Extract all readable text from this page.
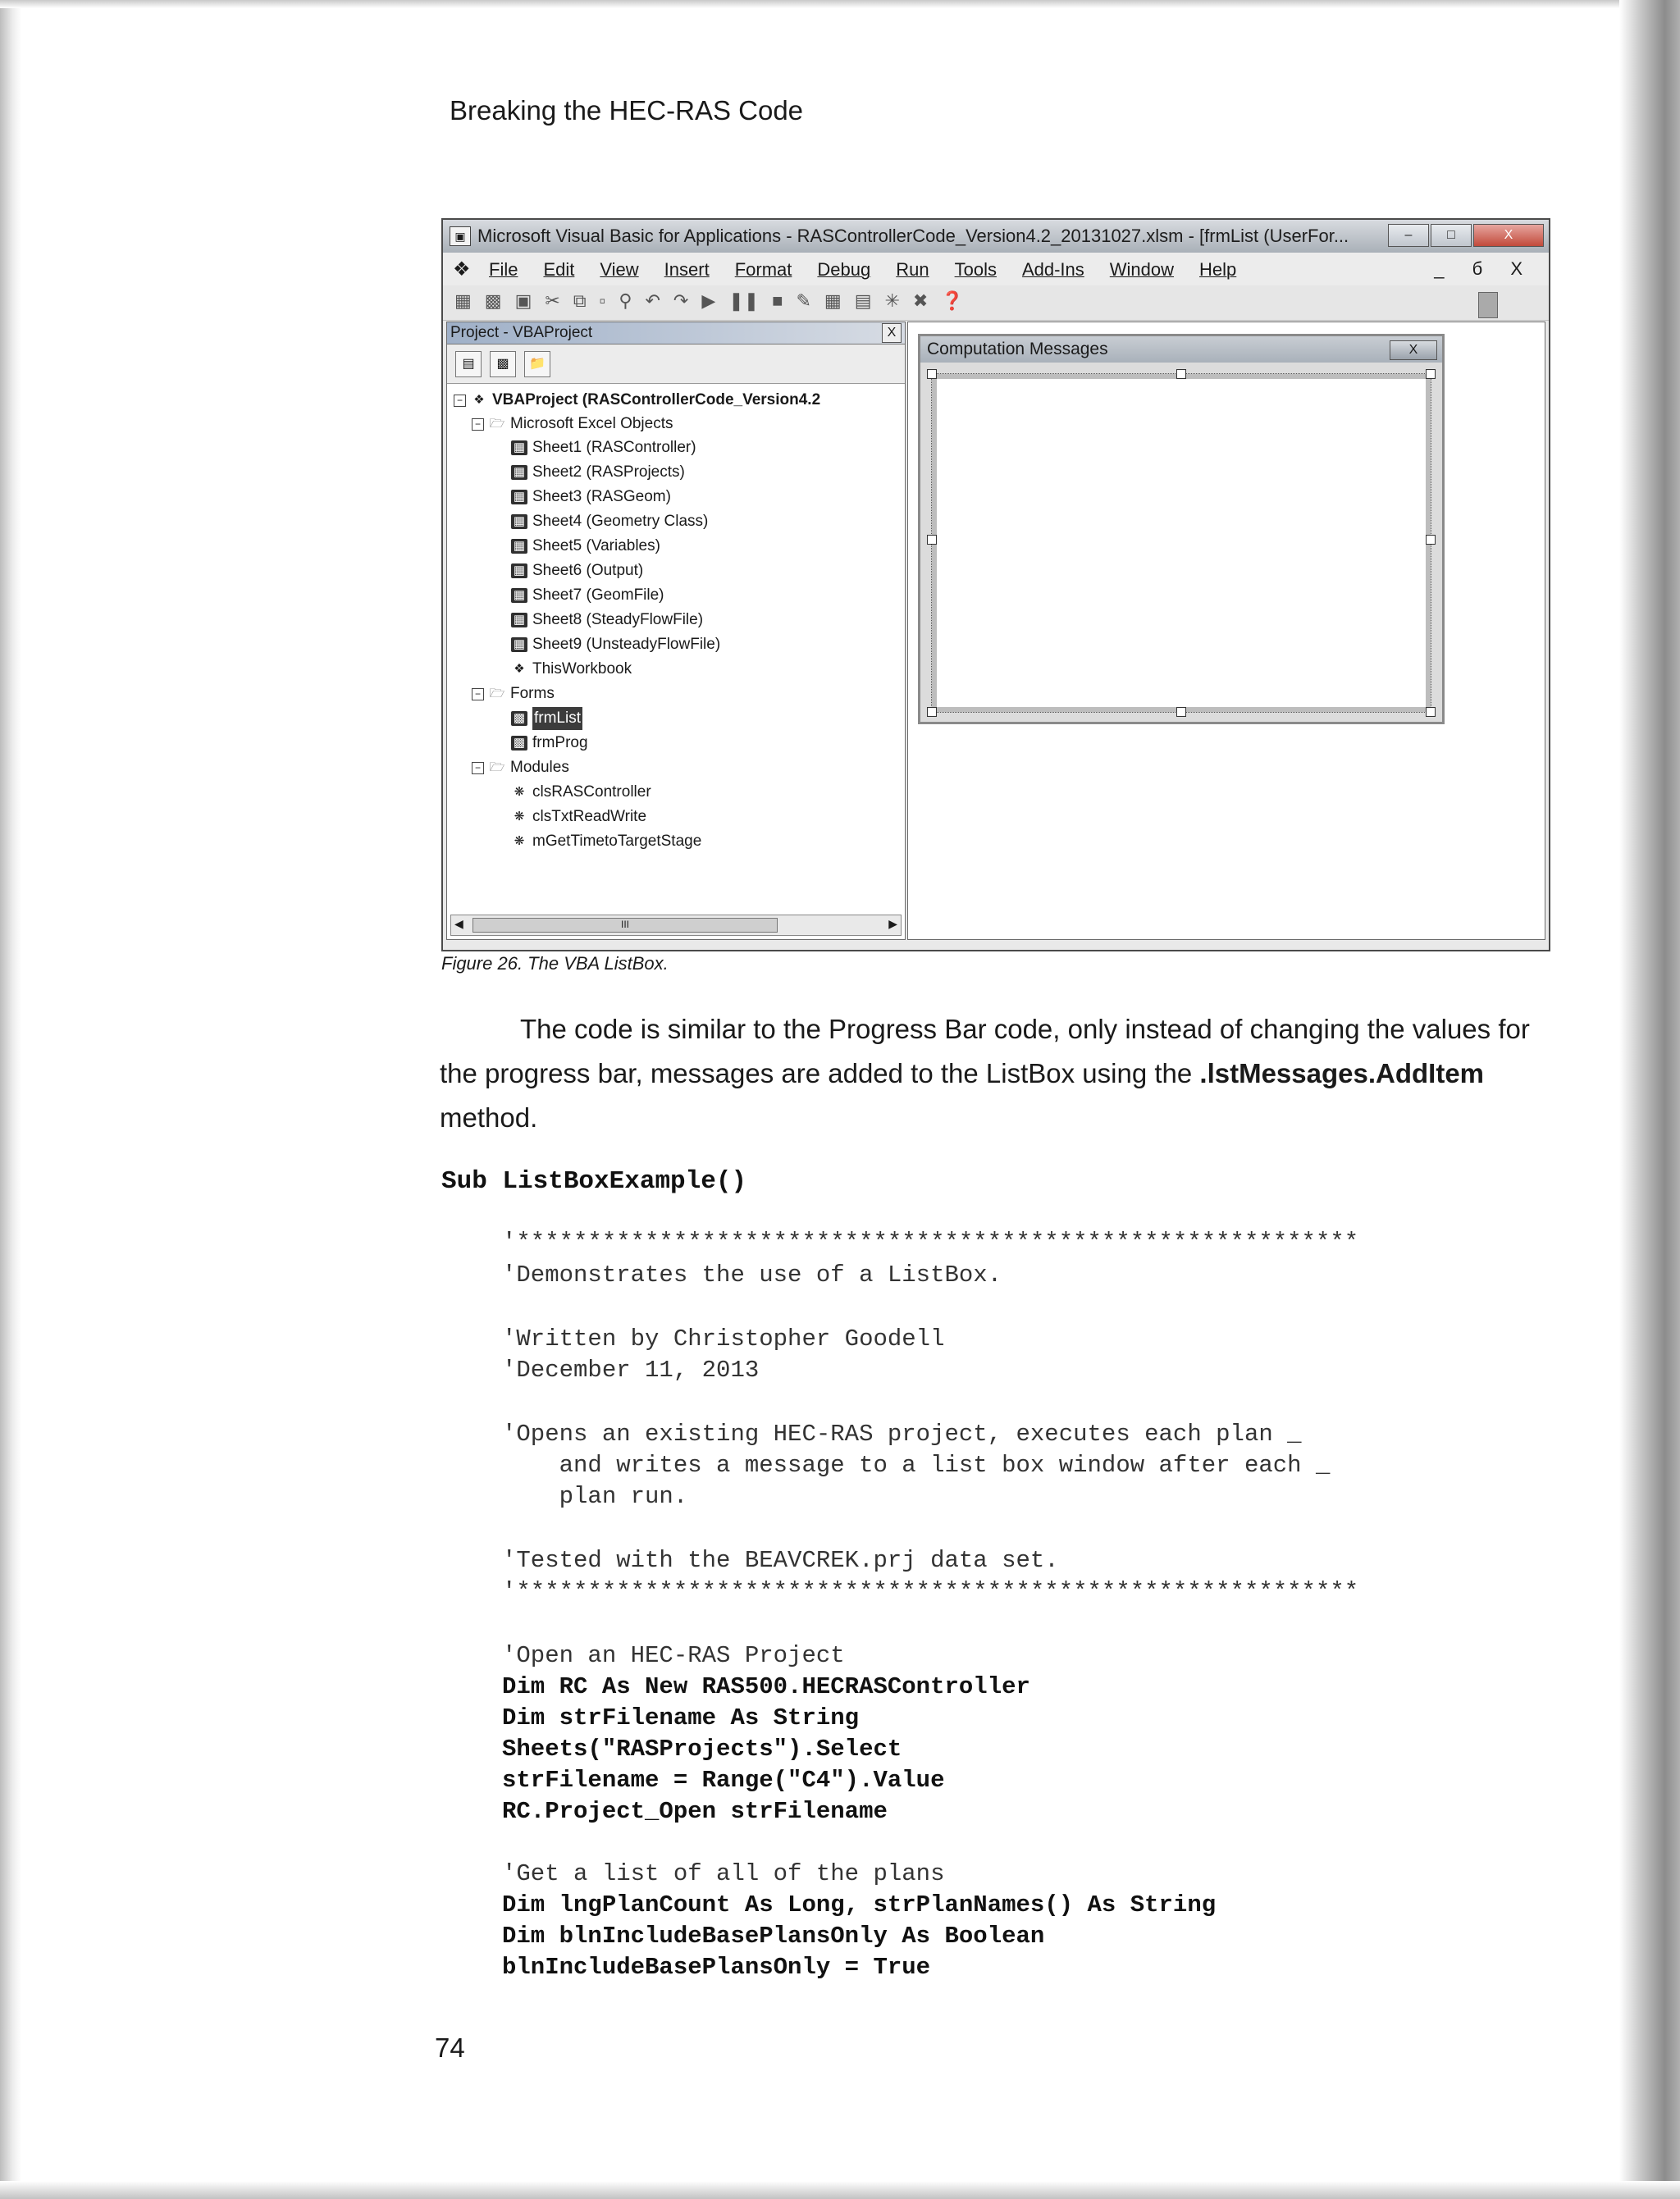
Breaking the HEC-RAS Code
▣ Microsoft Visual Basic for Applications - RASControllerCode_Version4.2_20131027.xlsm - [frmList (UserFor...	–	□	X
❖ File Edit View Insert Format Debug Run Tools Add-Ins Window Help	_ б X
▦ ▩ ▣ ✂ ⧉ ▫ ⚲ ↶ ↷ ▶ ❚❚ ■ ✎ ▦ ▤ ✳ ✖ ❓
Project - VBAProject	X
▤	▩	📁
− ❖ VBAProject (RASControllerCode_Version4.2
− 🗁 Microsoft Excel Objects
▦ Sheet1 (RASController)
▦ Sheet2 (RASProjects)
▦ Sheet3 (RASGeom)
▦ Sheet4 (Geometry Class)
▦ Sheet5 (Variables)
▦ Sheet6 (Output)
▦ Sheet7 (GeomFile)
▦ Sheet8 (SteadyFlowFile)
▦ Sheet9 (UnsteadyFlowFile)
❖ ThisWorkbook
− 🗁 Forms
▩ frmList
▩ frmProg
− 🗁 Modules
❋ clsRASController
❋ clsTxtReadWrite
❋ mGetTimetoTargetStage
◀	III	▶
Computation Messages	X
Figure 26. The VBA ListBox.
The code is similar to the Progress Bar code, only instead of changing the values for the progress bar, messages are added to the ListBox using the .lstMessages.AddItem method.
Sub ListBoxExample()
'***********************************************************
'Demonstrates the use of a ListBox.
'Written by Christopher Goodell
'December 11, 2013
'Opens an existing HEC-RAS project, executes each plan _
and writes a message to a list box window after each _
plan run.
'Tested with the BEAVCREK.prj data set.
'***********************************************************
'Open an HEC-RAS Project
Dim RC As New RAS500.HECRASController
Dim strFilename As String
Sheets("RASProjects").Select
strFilename = Range("C4").Value
RC.Project_Open strFilename
'Get a list of all of the plans
Dim lngPlanCount As Long, strPlanNames() As String
Dim blnIncludeBasePlansOnly As Boolean
blnIncludeBasePlansOnly = True
74
